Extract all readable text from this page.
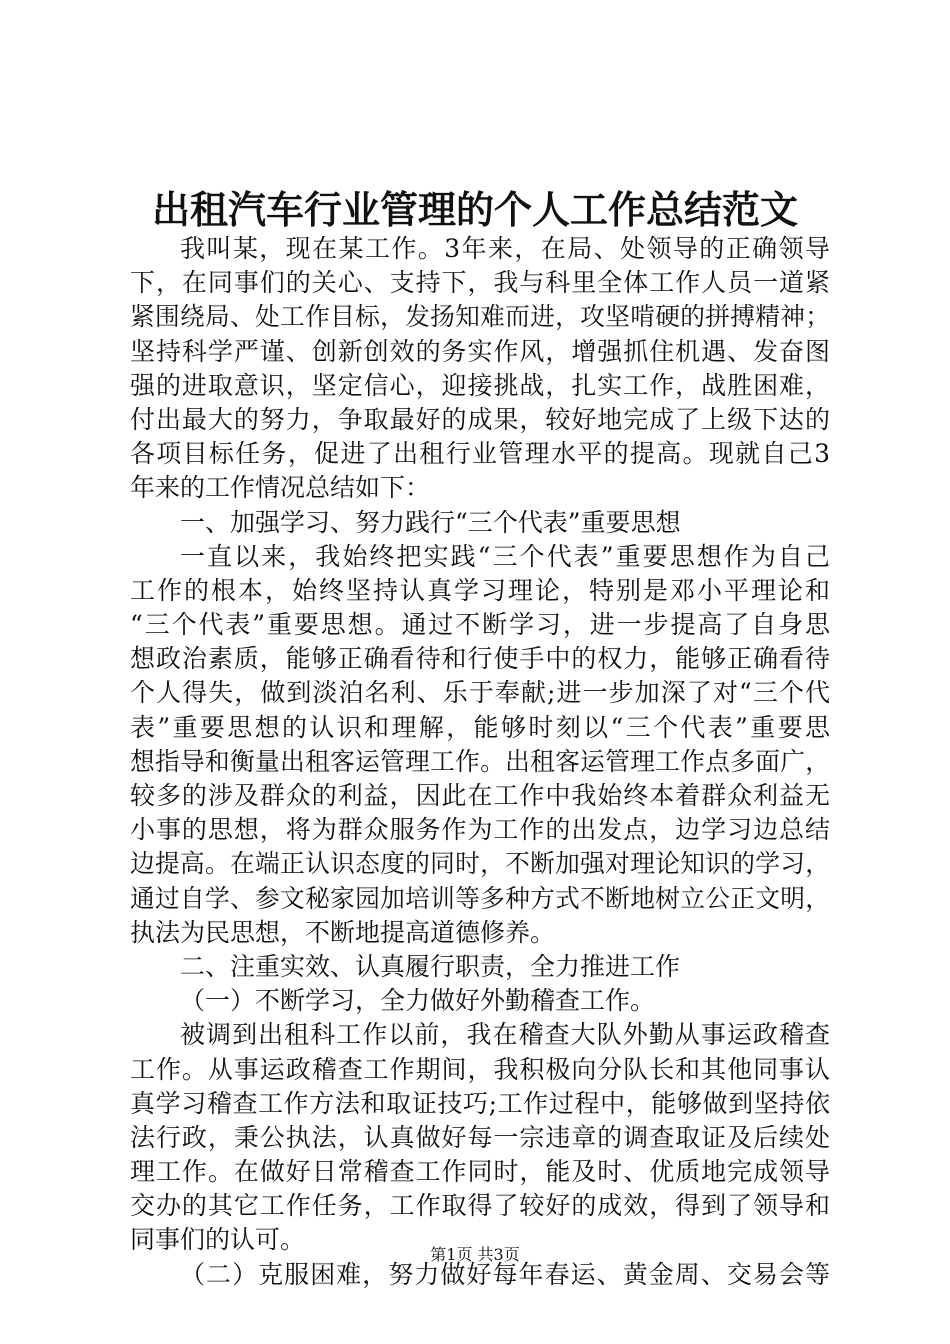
出租汽车行业管理的个人工作总结范文
我叫某，现在某工作。3年来，在局、处领导的正确领导
下，在同事们的关心、支持下，我与科里全体工作人员一道紧
紧围绕局、处工作目标，发扬知难而进，攻坚啃硬的拼搏精神；
坚持科学严谨、创新创效的务实作风，增强抓住机遇、发奋图
强的进取意识，坚定信心，迎接挑战，扎实工作，战胜困难，
付出最大的努力，争取最好的成果，较好地完成了上级下达的
各项目标任务，促进了出租行业管理水平的提高。现就自己3
年来的工作情况总结如下：
一、加强学习、努力践行“三个代表”重要思想
一直以来，我始终把实践“三个代表”重要思想作为自己
工作的根本，始终坚持认真学习理论，特别是邓小平理论和
“三个代表”重要思想。通过不断学习，进一步提高了自身思
想政治素质，能够正确看待和行使手中的权力，能够正确看待
个人得失，做到淡泊名利、乐于奉献;进一步加深了对“三个代
表”重要思想的认识和理解，能够时刻以“三个代表”重要思
想指导和衡量出租客运管理工作。出租客运管理工作点多面广，
较多的涉及群众的利益，因此在工作中我始终本着群众利益无
小事的思想，将为群众服务作为工作的出发点，边学习边总结
边提高。在端正认识态度的同时，不断加强对理论知识的学习，
通过自学、参文秘家园加培训等多种方式不断地树立公正文明，
执法为民思想，不断地提高道德修养。
二、注重实效、认真履行职责，全力推进工作
（一）不断学习，全力做好外勤稽查工作。
被调到出租科工作以前，我在稽查大队外勤从事运政稽查
工作。从事运政稽查工作期间，我积极向分队长和其他同事认
真学习稽查工作方法和取证技巧;工作过程中，能够做到坚持依
法行政，秉公执法，认真做好每一宗违章的调查取证及后续处
理工作。在做好日常稽查工作同时，能及时、优质地完成领导
交办的其它工作任务，工作取得了较好的成效，得到了领导和
同事们的认可。
（二）克服困难，努力做好每年春运、黄金周、交易会等
第1页 共3页
